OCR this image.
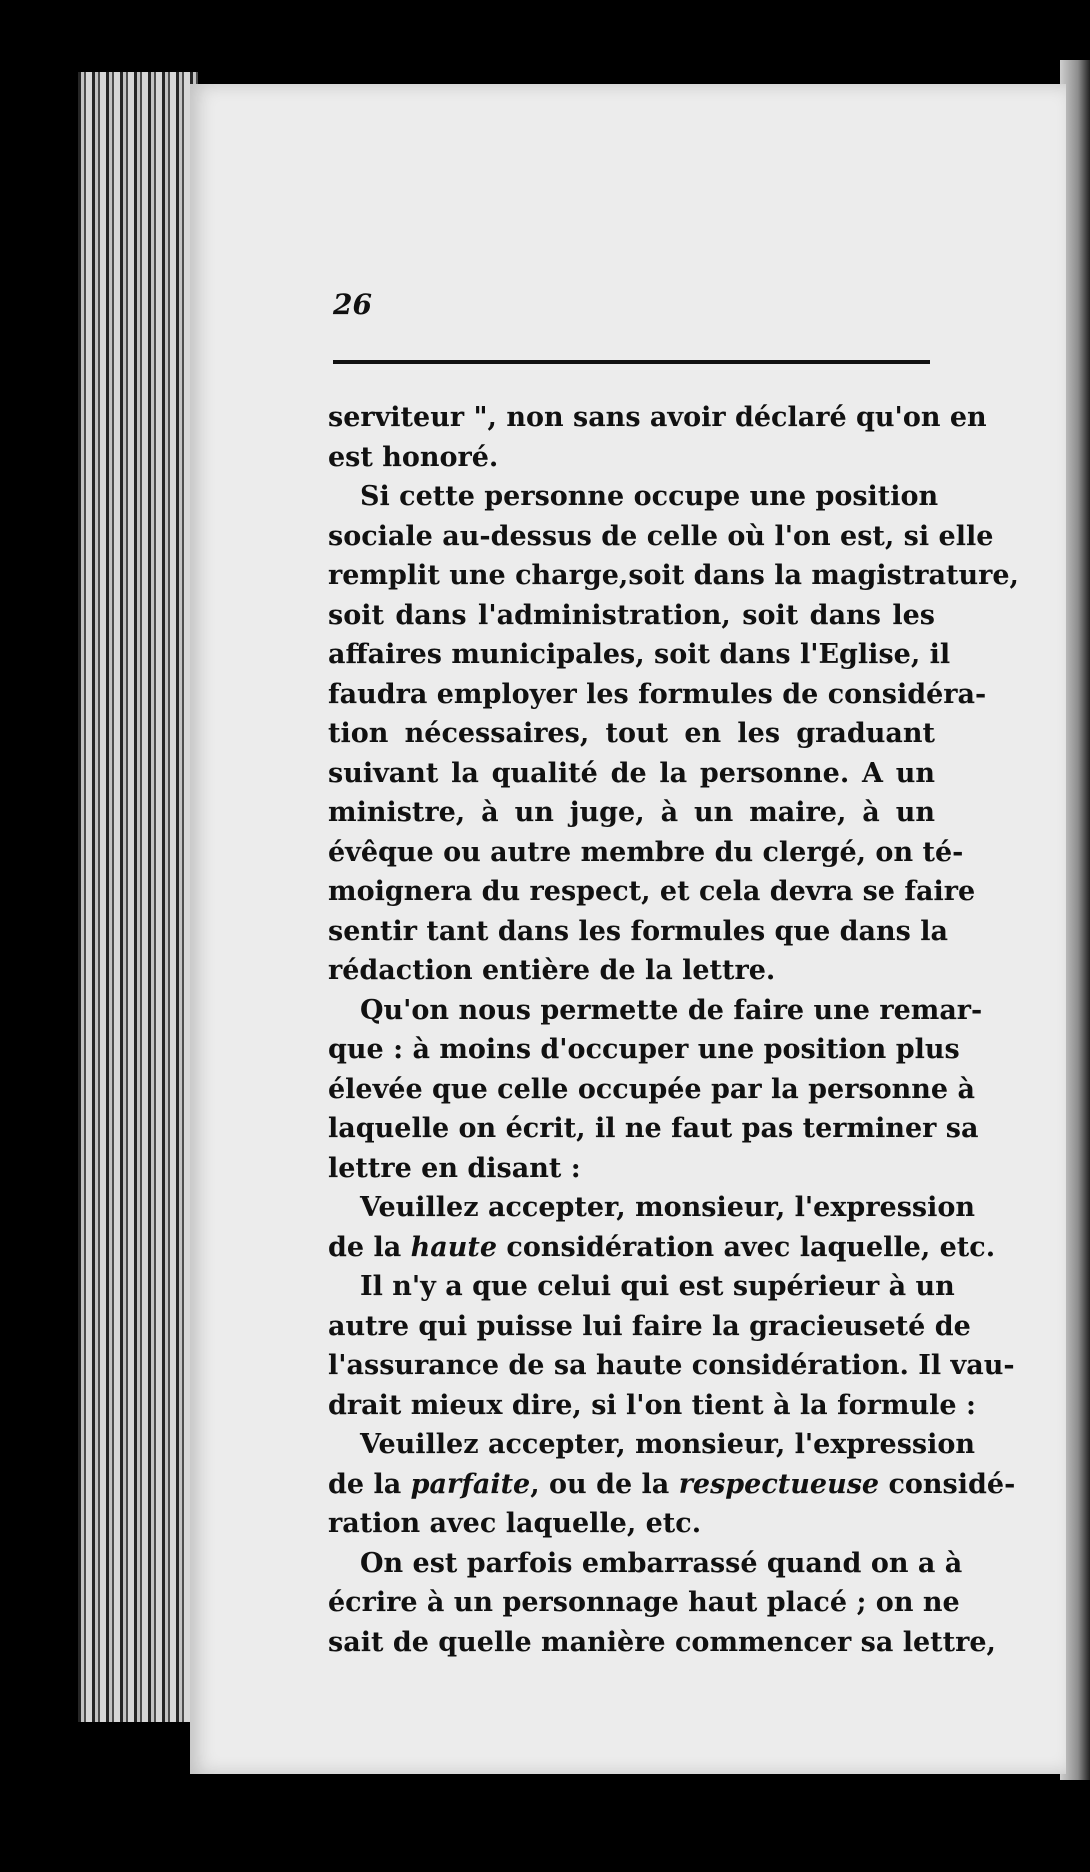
26
serviteur ", non sans avoir déclaré qu'on en
est honoré.
Si cette personne occupe une position
sociale au-dessus de celle où l'on est, si elle
remplit une charge,soit dans la magistrature,
soit dans l'administration, soit dans les
affaires municipales, soit dans l'Eglise, il
faudra employer les formules de considéra-
tion nécessaires, tout en les graduant
suivant la qualité de la personne. A un
ministre, à un juge, à un maire, à un
évêque ou autre membre du clergé, on té-
moignera du respect, et cela devra se faire
sentir tant dans les formules que dans la
rédaction entière de la lettre.
Qu'on nous permette de faire une remar-
que : à moins d'occuper une position plus
élevée que celle occupée par la personne à
laquelle on écrit, il ne faut pas terminer sa
lettre en disant :
Veuillez accepter, monsieur, l'expression
de la haute considération avec laquelle, etc.
Il n'y a que celui qui est supérieur à un
autre qui puisse lui faire la gracieuseté de
l'assurance de sa haute considération. Il vau-
drait mieux dire, si l'on tient à la formule :
Veuillez accepter, monsieur, l'expression
de la parfaite, ou de la respectueuse considé-
ration avec laquelle, etc.
On est parfois embarrassé quand on a à
écrire à un personnage haut placé ; on ne
sait de quelle manière commencer sa lettre,
